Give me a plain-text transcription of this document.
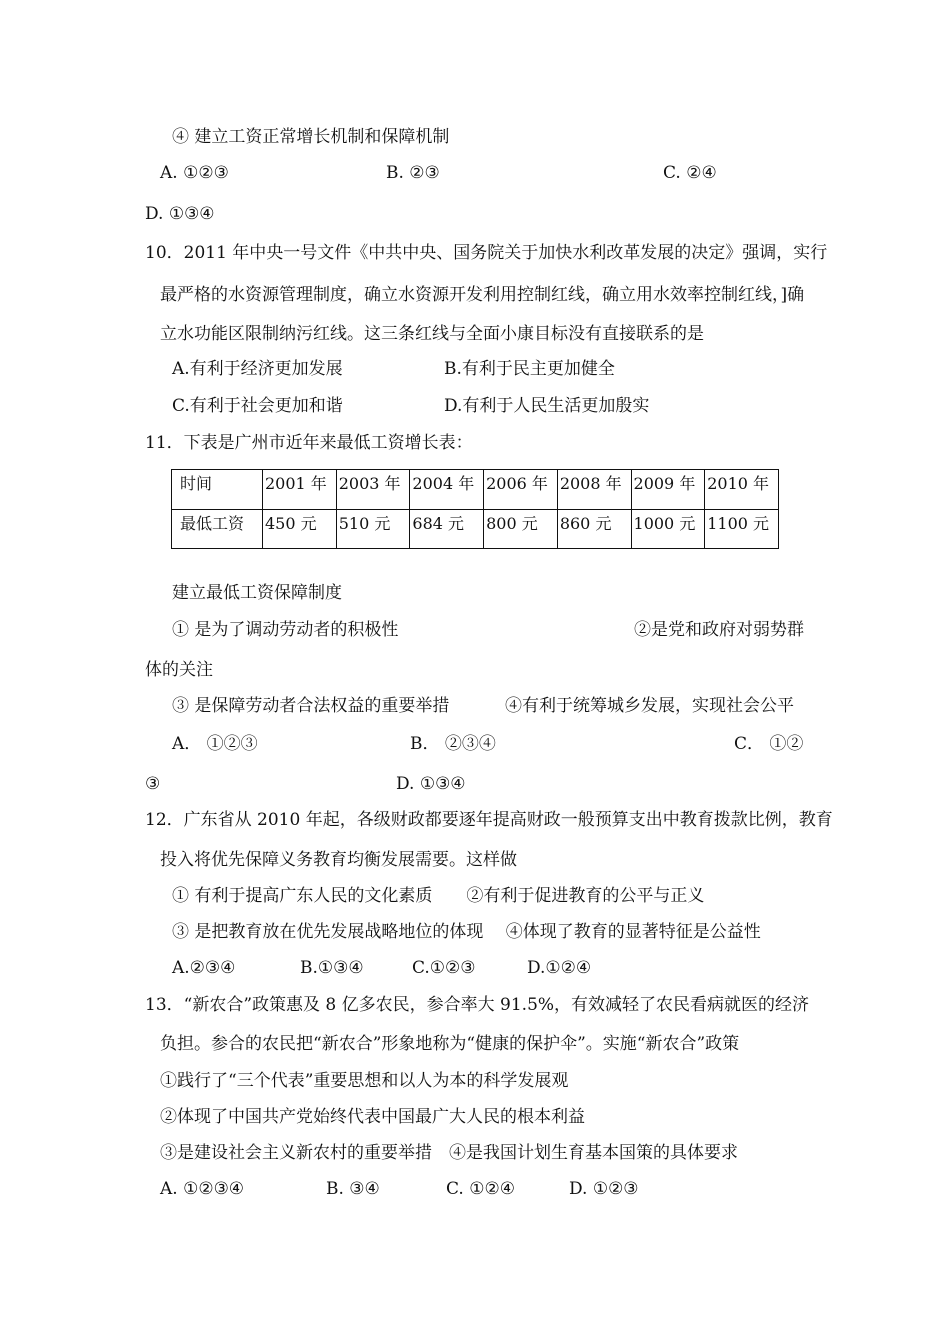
④ 建立工资正常增长机制和保障机制
A. ①②③	B. ②③	C. ②④
D. ①③④
10．2011 年中央一号文件《中共中央、国务院关于加快水利改革发展的决定》强调，实行
最严格的水资源管理制度，确立水资源开发利用控制红线，确立用水效率控制红线，]确
立水功能区限制纳污红线。这三条红线与全面小康目标没有直接联系的是
A.有利于经济更加发展	B.有利于民主更加健全
C.有利于社会更加和谐	D.有利于人民生活更加殷实
11．下表是广州市近年来最低工资增长表：
时间	2001 年	2003 年	2004 年	2006 年	2008 年	2009 年	2010 年
最低工资	450 元	510 元	684 元	800 元	860 元	1000 元	1100 元
建立最低工资保障制度
① 是为了调动劳动者的积极性	②是党和政府对弱势群
体的关注
③ 是保障劳动者合法权益的重要举措	④有利于统筹城乡发展，实现社会公平
A． ①②③	B． ②③④	C． ①②
③	D. ①③④
12．广东省从 2010 年起，各级财政都要逐年提高财政一般预算支出中教育拨款比例，教育
投入将优先保障义务教育均衡发展需要。这样做
① 有利于提高广东人民的文化素质　　②有利于促进教育的公平与正义
③ 是把教育放在优先发展战略地位的体现　 ④体现了教育的显著特征是公益性
A.②③④	B.①③④	C.①②③	D.①②④
13．“新农合”政策惠及 8 亿多农民，参合率大 91.5%，有效减轻了农民看病就医的经济
负担。参合的农民把“新农合”形象地称为“健康的保护伞”。实施“新农合”政策
①践行了“三个代表”重要思想和以人为本的科学发展观
②体现了中国共产党始终代表中国最广大人民的根本利益
③是建设社会主义新农村的重要举措　④是我国计划生育基本国策的具体要求
A. ①②③④	B. ③④	C. ①②④	D. ①②③
